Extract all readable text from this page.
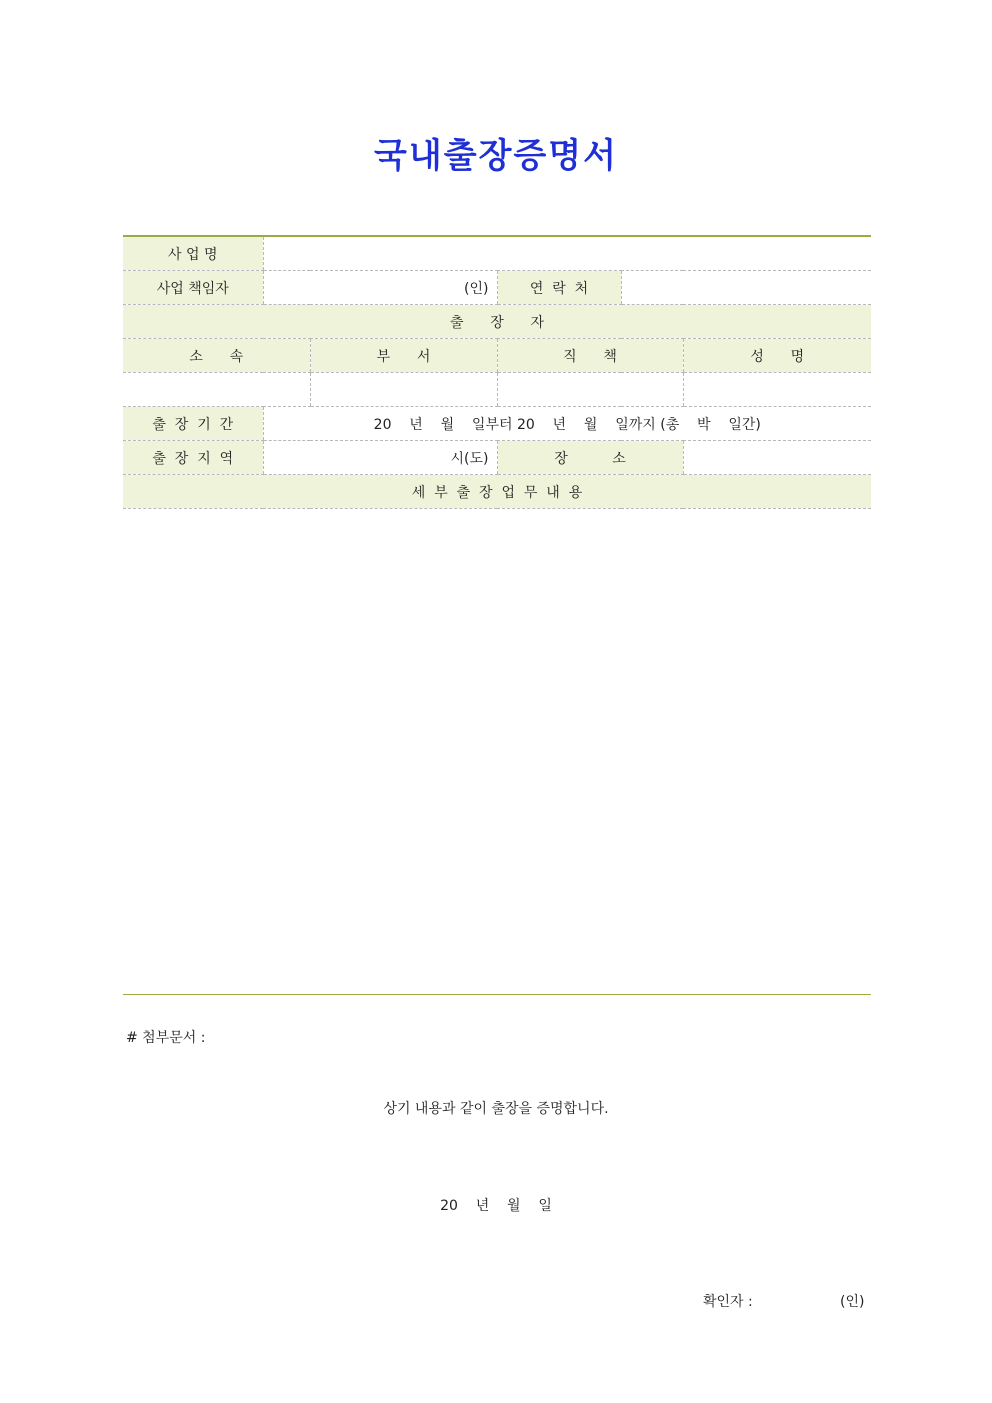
국내출장증명서
사 업 명					
사업 책임자	(인)		연  락  처		
출      장      자					
소      속		부      서	직      책		성      명

출  장  기  간	20    년    월    일부터 20    년    월    일까지 (총    박    일간)				
출  장  지  역	시(도)		장          소		
세  부  출  장  업  무  내  용					
# 첨부문서 :
상기 내용과 같이 출장을 증명합니다.
20    년    월    일
확인자 :	(인)
